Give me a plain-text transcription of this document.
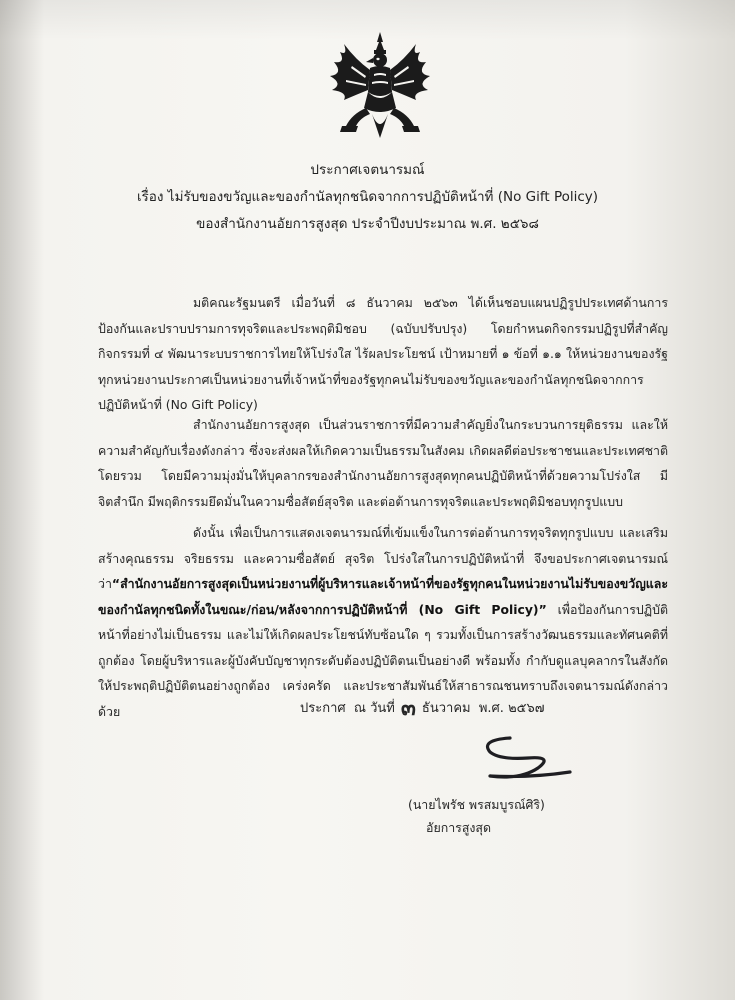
ประกาศเจตนารมณ์
เรื่อง ไม่รับของขวัญและของกำนัลทุกชนิดจากการปฏิบัติหน้าที่ (No Gift Policy)
ของสำนักงานอัยการสูงสุด ประจำปีงบประมาณ พ.ศ. ๒๕๖๘

มติคณะรัฐมนตรี เมื่อวันที่ ๘ ธันวาคม ๒๕๖๓ ได้เห็นชอบแผนปฏิรูปประเทศด้านการป้องกันและปราบปรามการทุจริตและประพฤติมิชอบ (ฉบับปรับปรุง) โดยกำหนดกิจกรรมปฏิรูปที่สำคัญ กิจกรรมที่ ๔ พัฒนาระบบราชการไทยให้โปร่งใส ไร้ผลประโยชน์ เป้าหมายที่ ๑ ข้อที่ ๑.๑ ให้หน่วยงานของรัฐทุกหน่วยงานประกาศเป็นหน่วยงานที่เจ้าหน้าที่ของรัฐทุกคนไม่รับของขวัญและของกำนัลทุกชนิดจากการปฏิบัติหน้าที่ (No Gift Policy)

สำนักงานอัยการสูงสุด เป็นส่วนราชการที่มีความสำคัญยิ่งในกระบวนการยุติธรรม และให้ความสำคัญกับเรื่องดังกล่าว ซึ่งจะส่งผลให้เกิดความเป็นธรรมในสังคม เกิดผลดีต่อประชาชนและประเทศชาติโดยรวม โดยมีความมุ่งมั่นให้บุคลากรของสำนักงานอัยการสูงสุดทุกคนปฏิบัติหน้าที่ด้วยความโปร่งใส มีจิตสำนึก มีพฤติกรรมยึดมั่นในความซื่อสัตย์สุจริต และต่อต้านการทุจริตและประพฤติมิชอบทุกรูปแบบ

ดังนั้น เพื่อเป็นการแสดงเจตนารมณ์ที่เข้มแข็งในการต่อต้านการทุจริตทุกรูปแบบ และเสริมสร้างคุณธรรม จริยธรรม และความซื่อสัตย์ สุจริต โปร่งใสในการปฏิบัติหน้าที่ จึงขอประกาศเจตนารมณ์ว่า“สำนักงานอัยการสูงสุดเป็นหน่วยงานที่ผู้บริหารและเจ้าหน้าที่ของรัฐทุกคนในหน่วยงานไม่รับของขวัญและของกำนัลทุกชนิดทั้งในขณะ/ก่อน/หลังจากการปฏิบัติหน้าที่ (No Gift Policy)” เพื่อป้องกันการปฏิบัติหน้าที่อย่างไม่เป็นธรรม และไม่ให้เกิดผลประโยชน์ทับซ้อนใด ๆ รวมทั้งเป็นการสร้างวัฒนธรรมและทัศนคติที่ถูกต้อง โดยผู้บริหารและผู้บังคับบัญชาทุกระดับต้องปฏิบัติตนเป็นอย่างดี พร้อมทั้ง กำกับดูแลบุคลากรในสังกัดให้ประพฤติปฏิบัติตนอย่างถูกต้อง เคร่งครัด และประชาสัมพันธ์ให้สาธารณชนทราบถึงเจตนารมณ์ดังกล่าวด้วย	ประกาศ  ณ วันที่ ๓ ธันวาคม  พ.ศ. ๒๕๖๗
(นายไพรัช พรสมบูรณ์ศิริ)
อัยการสูงสุด
